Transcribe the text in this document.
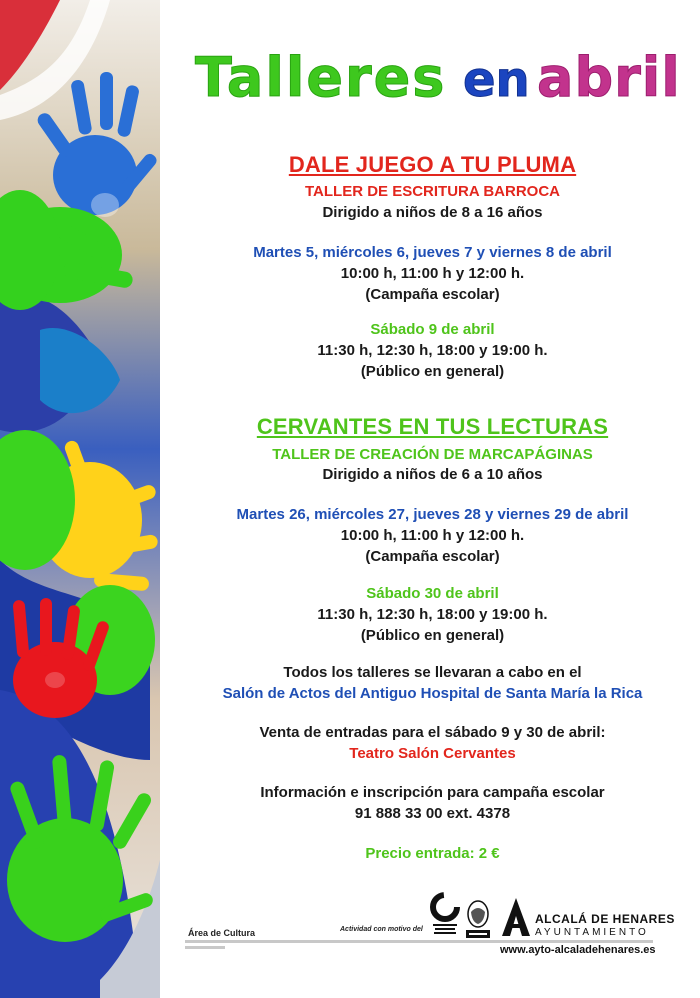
Talleres en abril
DALE JUEGO A TU PLUMA
TALLER DE ESCRITURA BARROCA
Dirigido a niños de 8 a 16 años
Martes 5, miércoles 6, jueves 7 y viernes 8 de abril
10:00 h, 11:00 h y 12:00 h.
(Campaña escolar)
Sábado 9 de abril
11:30 h, 12:30 h, 18:00 y 19:00 h.
(Público en general)
CERVANTES EN TUS LECTURAS
TALLER DE CREACIÓN DE MARCAPÁGINAS
Dirigido a niños de 6 a 10 años
Martes 26, miércoles 27, jueves 28 y viernes 29 de abril
10:00 h, 11:00 h y 12:00 h.
(Campaña escolar)
Sábado 30 de abril
11:30 h, 12:30 h, 18:00 y 19:00 h.
(Público en general)
Todos los talleres se llevaran a cabo en el
Salón de Actos del Antiguo Hospital de Santa María la Rica
Venta de entradas para el sábado 9 y 30 de abril:
Teatro Salón Cervantes
Información e inscripción para campaña escolar
91 888 33 00 ext. 4378
Precio entrada: 2 €
Área de Cultura	Actividad con motivo del
ALCALÁ DE HENARES
AYUNTAMIENTO
www.ayto-alcaladehenares.es
